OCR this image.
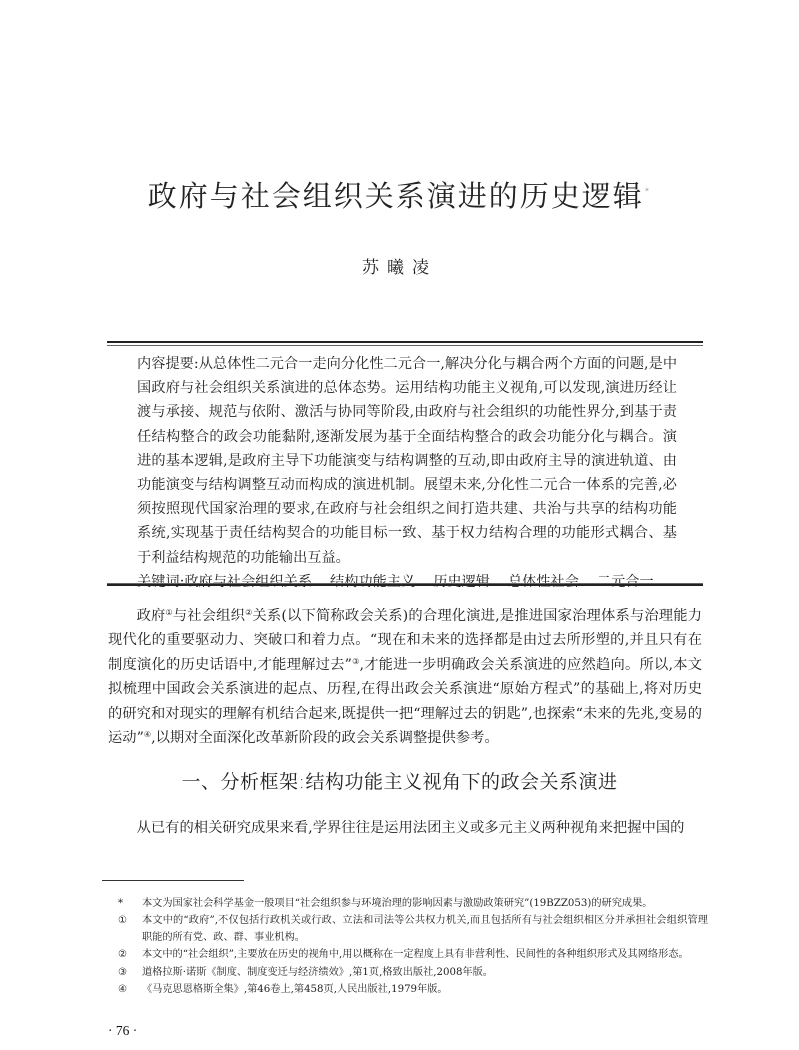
政府与社会组织关系演进的历史逻辑*
苏曦凌

内容提要:从总体性二元合一走向分化性二元合一,解决分化与耦合两个方面的问题,是中国政府与社会组织关系演进的总体态势。运用结构功能主义视角,可以发现,演进历经让渡与承接、规范与依附、激活与协同等阶段,由政府与社会组织的功能性界分,到基于责任结构整合的政会功能黏附,逐渐发展为基于全面结构整合的政会功能分化与耦合。演进的基本逻辑,是政府主导下功能演变与结构调整的互动,即由政府主导的演进轨道、由功能演变与结构调整互动而构成的演进机制。展望未来,分化性二元合一体系的完善,必须按照现代国家治理的要求,在政府与社会组织之间打造共建、共治与共享的结构功能系统,实现基于责任结构契合的功能目标一致、基于权力结构合理的功能形式耦合、基于利益结构规范的功能输出互益。

关键词:政府与社会组织关系 结构功能主义 历史逻辑 总体性社会 二元合一

政府①与社会组织②关系(以下简称政会关系)的合理化演进,是推进国家治理体系与治理能力现代化的重要驱动力、突破口和着力点。“现在和未来的选择都是由过去所形塑的,并且只有在制度演化的历史话语中,才能理解过去”③,才能进一步明确政会关系演进的应然趋向。所以,本文拟梳理中国政会关系演进的起点、历程,在得出政会关系演进“原始方程式”的基础上,将对历史的研究和对现实的理解有机结合起来,既提供一把“理解过去的钥匙”,也探索“未来的先兆,变易的运动”④,以期对全面深化改革新阶段的政会关系调整提供参考。

一、分析框架:结构功能主义视角下的政会关系演进

从已有的相关研究成果来看,学界往往是运用法团主义或多元主义两种视角来把握中国的

*	本文为国家社会科学基金一般项目“社会组织参与环境治理的影响因素与激励政策研究”(19BZZ053)的研究成果。
①	本文中的“政府”,不仅包括行政机关或行政、立法和司法等公共权力机关,而且包括所有与社会组织相区分并承担社会组织管理职能的所有党、政、群、事业机构。
②	本文中的“社会组织”,主要放在历史的视角中,用以概称在一定程度上具有非营利性、民间性的各种组织形式及其网络形态。
③	道格拉斯·诺斯《制度、制度变迁与经济绩效》,第1页,格致出版社,2008年版。
④	《马克思恩格斯全集》,第46卷上,第458页,人民出版社,1979年版。
· 76 ·
